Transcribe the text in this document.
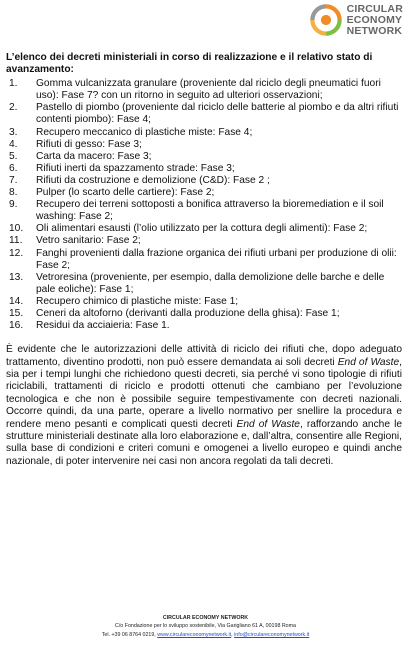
CIRCULAR
ECONOMY
NETWORK
L’elenco dei decreti ministeriali in corso di realizzazione e il relativo stato di avanzamento:
1.	Gomma vulcanizzata granulare (proveniente dal riciclo degli pneumatici fuori uso): Fase 7? con un ritorno in seguito ad ulteriori osservazioni;
2.	Pastello di piombo (proveniente dal riciclo delle batterie al piombo e da altri rifiuti contenti piombo): Fase 4;
3.	Recupero meccanico di plastiche miste: Fase 4;
4.	Rifiuti di gesso: Fase 3;
5.	Carta da macero: Fase 3;
6.	Rifiuti inerti da spazzamento strade: Fase 3;
7.	Rifiuti da costruzione e demolizione (C&D): Fase 2 ;
8.	Pulper (lo scarto delle cartiere): Fase 2;
9.	Recupero dei terreni sottoposti a bonifica attraverso la bioremediation e il soil washing: Fase 2;
10.	Oli alimentari esausti (l’olio utilizzato per la cottura degli alimenti): Fase 2;
11.	Vetro sanitario: Fase 2;
12.	Fanghi provenienti dalla frazione organica dei rifiuti urbani per produzione di olii: Fase 2;
13.	Vetroresina (proveniente, per esempio, dalla demolizione delle barche e delle pale eoliche): Fase 1;
14.	Recupero chimico di plastiche miste: Fase 1;
15.	Ceneri da altoforno (derivanti dalla produzione della ghisa): Fase 1;
16.	Residui da acciaieria: Fase 1.
È evidente che le autorizzazioni delle attività di riciclo dei rifiuti che, dopo adeguato trattamento, diventino prodotti, non può essere demandata ai soli decreti End of Waste, sia per i tempi lunghi che richiedono questi decreti, sia perché vi sono tipologie di rifiuti riciclabili, trattamenti di riciclo e prodotti ottenuti che cambiano per l’evoluzione tecnologica e che non è possibile seguire tempestivamente con decreti nazionali. Occorre quindi, da una parte, operare a livello normativo per snellire la procedura e rendere meno pesanti e complicati questi decreti End of Waste, rafforzando anche le strutture ministeriali destinate alla loro elaborazione e, dall’altra, consentire alle Regioni, sulla base di condizioni e criteri comuni e omogenei a livello europeo e quindi anche nazionale, di poter intervenire nei casi non ancora regolati da tali decreti.
CIRCULAR ECONOMY NETWORK
C/o Fondazione per lo sviluppo sostenibile, Via Garigliano 61 A, 00198 Roma
Tel. +39 06 8764 0219, www.circulareconomynetwork.it, info@circulareconomynetwork.it
